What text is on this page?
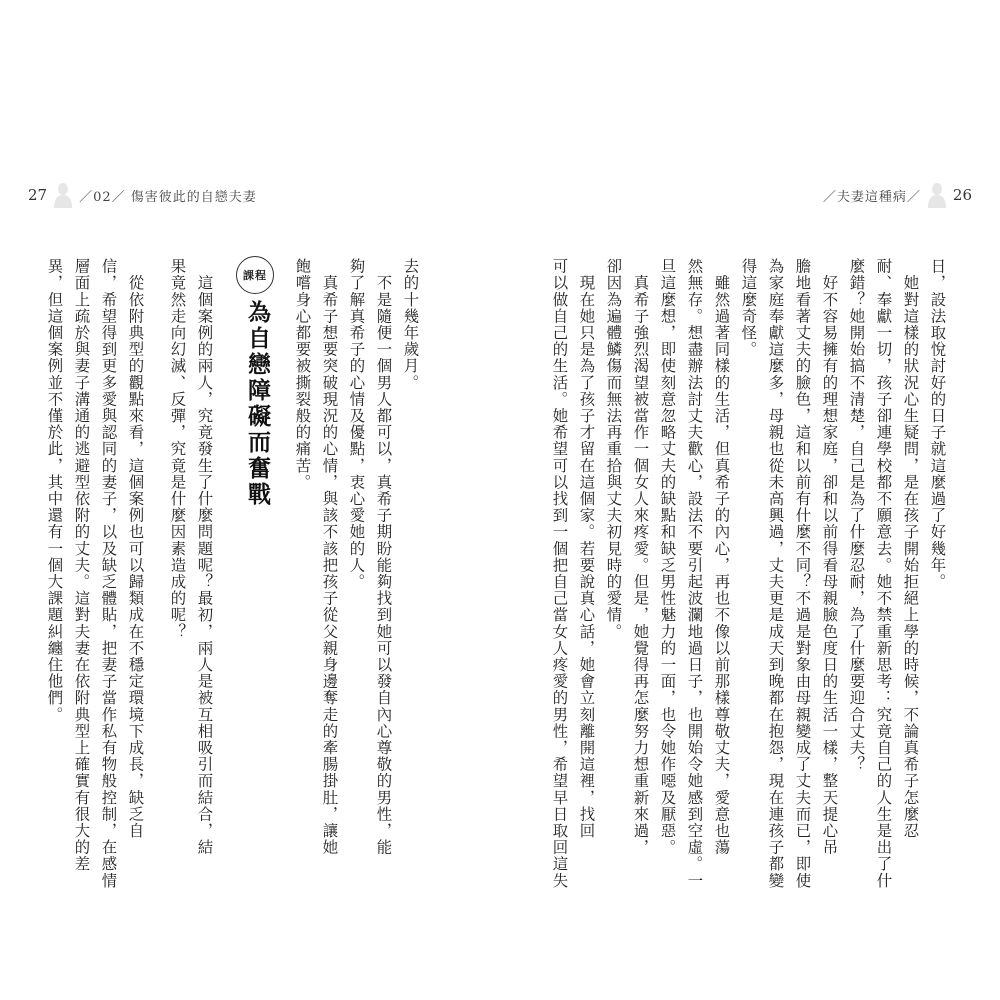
27 ／02／ 傷害彼此的自戀夫妻	／夫妻這種病／ 26
去的十幾年歲月。
　不是隨便一個男人都可以，真希子期盼能夠找到她可以發自內心尊敬的男性，能
夠了解真希子的心情及優點，衷心愛她的人。
　真希子想要突破現況的心情，與該不該把孩子從父親身邊奪走的牽腸掛肚，讓她
飽嚐身心都要被撕裂般的痛苦。
課程
為自戀障礙而奮戰
　這個案例的兩人，究竟發生了什麼問題呢？最初，兩人是被互相吸引而結合，結
果竟然走向幻滅、反彈，究竟是什麼因素造成的呢？
　從依附典型的觀點來看，這個案例也可以歸類成在不穩定環境下成長，缺乏自
信，希望得到更多愛與認同的妻子，以及缺乏體貼，把妻子當作私有物般控制，在感情
層面上疏於與妻子溝通的逃避型依附的丈夫。這對夫妻在依附典型上確實有很大的差
異，但這個案例並不僅於此，其中還有一個大課題糾纏住他們。	日，設法取悅討好的日子就這麼過了好幾年。
　她對這樣的狀況心生疑問，是在孩子開始拒絕上學的時候，不論真希子怎麼忍
耐、奉獻一切，孩子卻連學校都不願意去。她不禁重新思考：究竟自己的人生是出了什
麼錯？她開始搞不清楚，自己是為了什麼忍耐，為了什麼要迎合丈夫？
　好不容易擁有的理想家庭，卻和以前得看母親臉色度日的生活一樣，整天提心吊
膽地看著丈夫的臉色，這和以前有什麼不同？不過是對象由母親變成了丈夫而已，即使
為家庭奉獻這麼多，母親也從未高興過，丈夫更是成天到晚都在抱怨，現在連孩子都變
得這麼奇怪。
　雖然過著同樣的生活，但真希子的內心，再也不像以前那樣尊敬丈夫，愛意也蕩
然無存。想盡辦法討丈夫歡心，設法不要引起波瀾地過日子，也開始令她感到空虛。一
旦這麼想，即使刻意忽略丈夫的缺點和缺乏男性魅力的一面，也令她作噁及厭惡。
　真希子強烈渴望被當作一個女人來疼愛。但是，她覺得再怎麼努力想重新來過，
卻因為遍體鱗傷而無法再重拾與丈夫初見時的愛情。
　現在她只是為了孩子才留在這個家。若要說真心話，她會立刻離開這裡，找回
可以做自己的生活。她希望可以找到一個把自己當女人疼愛的男性，希望早日取回這失
